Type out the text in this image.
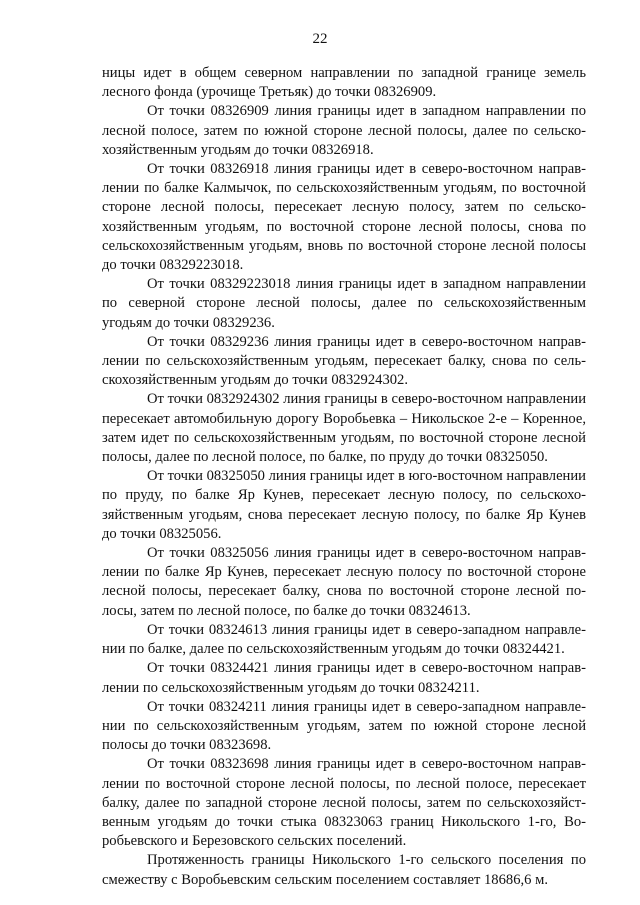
22

ницы идет в общем северном направлении по западной границе земель лесного фонда (урочище Третьяк) до точки 08326909.

От точки 08326909 линия границы идет в западном направлении по лесной полосе, затем по южной стороне лесной полосы, далее по сельскохозяйственным угодьям до точки 08326918.

От точки 08326918 линия границы идет в северо-восточном направлении по балке Калмычок, по сельскохозяйственным угодьям, по восточной стороне лесной полосы, пересекает лесную полосу, затем по сельскохозяйственным угодьям, по восточной стороне лесной полосы, снова по сельскохозяйственным угодьям, вновь по восточной стороне лесной полосы до точки 08329223018.

От точки 08329223018 линия границы идет в западном направлении по северной стороне лесной полосы, далее по сельскохозяйственным угодьям до точки 08329236.

От точки 08329236 линия границы идет в северо-восточном направлении по сельскохозяйственным угодьям, пересекает балку, снова по сельскохозяйственным угодьям до точки 0832924302.

От точки 0832924302 линия границы в северо-восточном направлении пересекает автомобильную дорогу Воробьевка – Никольское 2-е – Коренное, затем идет по сельскохозяйственным угодьям, по восточной стороне лесной полосы, далее по лесной полосе, по балке, по пруду до точки 08325050.

От точки 08325050 линия границы идет в юго-восточном направлении по пруду, по балке Яр Кунев, пересекает лесную полосу, по сельскохозяйственным угодьям, снова пересекает лесную полосу, по балке Яр Кунев до точки 08325056.

От точки 08325056 линия границы идет в северо-восточном направлении по балке Яр Кунев, пересекает лесную полосу по восточной стороне лесной полосы, пересекает балку, снова по восточной стороне лесной полосы, затем по лесной полосе, по балке до точки 08324613.

От точки 08324613 линия границы идет в северо-западном направлении по балке, далее по сельскохозяйственным угодьям до точки 08324421.

От точки 08324421 линия границы идет в северо-восточном направлении по сельскохозяйственным угодьям до точки 08324211.

От точки 08324211 линия границы идет в северо-западном направлении по сельскохозяйственным угодьям, затем по южной стороне лесной полосы до точки 08323698.

От точки 08323698 линия границы идет в северо-восточном направлении по восточной стороне лесной полосы, по лесной полосе, пересекает балку, далее по западной стороне лесной полосы, затем по сельскохозяйственным угодьям до точки стыка 08323063 границ Никольского 1-го, Воробьевского и Березовского сельских поселений.

Протяженность границы Никольского 1-го сельского поселения по смежеству с Воробьевским сельским поселением составляет 18686,6 м.
